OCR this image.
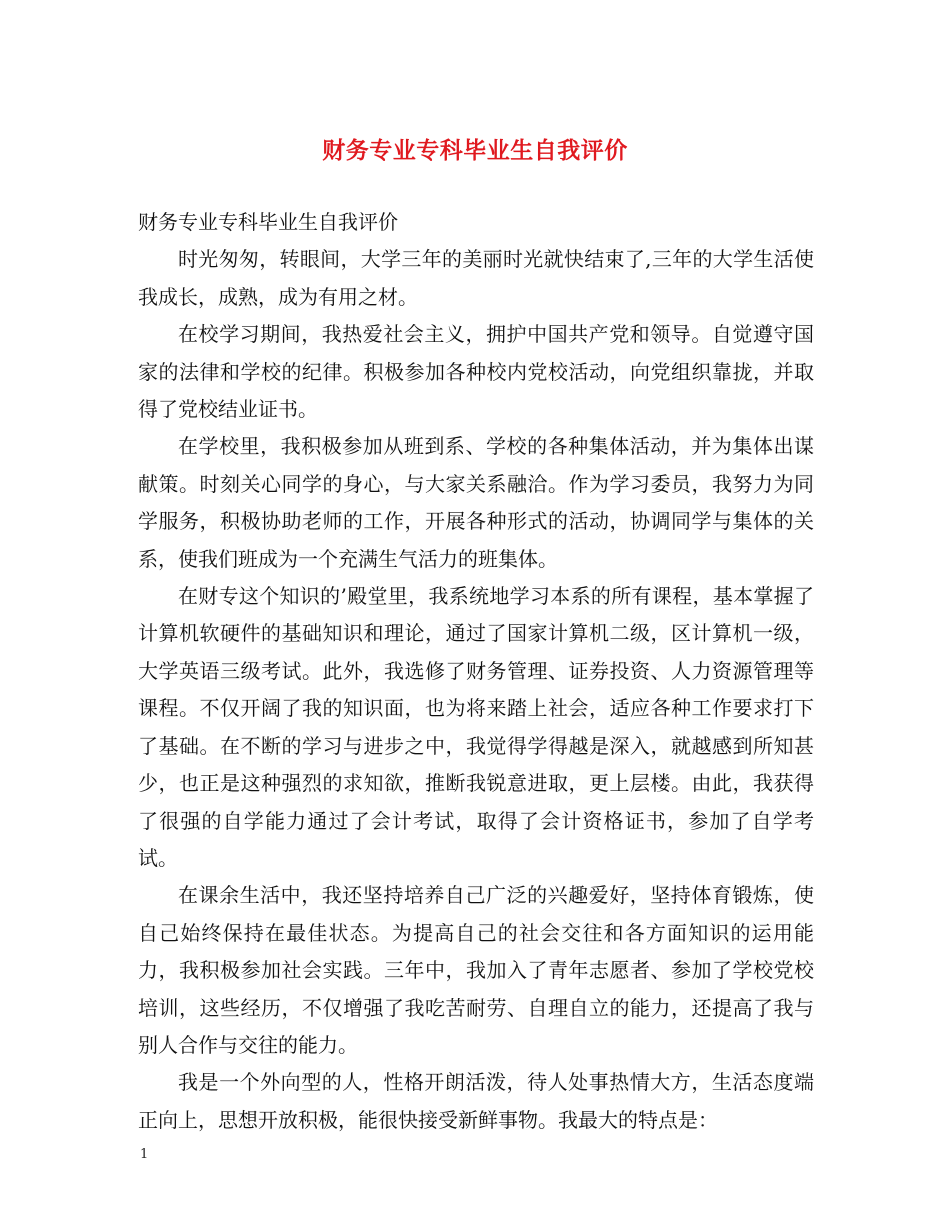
财务专业专科毕业生自我评价

财务专业专科毕业生自我评价

时光匆匆，转眼间，大学三年的美丽时光就快结束了,三年的大学生活使我成长，成熟，成为有用之材。

在校学习期间，我热爱社会主义，拥护中国共产党和领导。自觉遵守国家的法律和学校的纪律。积极参加各种校内党校活动，向党组织靠拢，并取得了党校结业证书。

在学校里，我积极参加从班到系、学校的各种集体活动，并为集体出谋献策。时刻关心同学的身心，与大家关系融洽。作为学习委员，我努力为同学服务，积极协助老师的工作，开展各种形式的活动，协调同学与集体的关系，使我们班成为一个充满生气活力的班集体。

在财专这个知识的’殿堂里，我系统地学习本系的所有课程，基本掌握了计算机软硬件的基础知识和理论，通过了国家计算机二级，区计算机一级，大学英语三级考试。此外，我选修了财务管理、证券投资、人力资源管理等课程。不仅开阔了我的知识面，也为将来踏上社会，适应各种工作要求打下了基础。在不断的学习与进步之中，我觉得学得越是深入，就越感到所知甚少，也正是这种强烈的求知欲，推断我锐意进取，更上层楼。由此，我获得了很强的自学能力通过了会计考试，取得了会计资格证书，参加了自学考试。

在课余生活中，我还坚持培养自己广泛的兴趣爱好，坚持体育锻炼，使自己始终保持在最佳状态。为提高自己的社会交往和各方面知识的运用能力，我积极参加社会实践。三年中，我加入了青年志愿者、参加了学校党校培训，这些经历，不仅增强了我吃苦耐劳、自理自立的能力，还提高了我与别人合作与交往的能力。

我是一个外向型的人，性格开朗活泼，待人处事热情大方，生活态度端正向上，思想开放积极，能很快接受新鲜事物。我最大的特点是：

1
